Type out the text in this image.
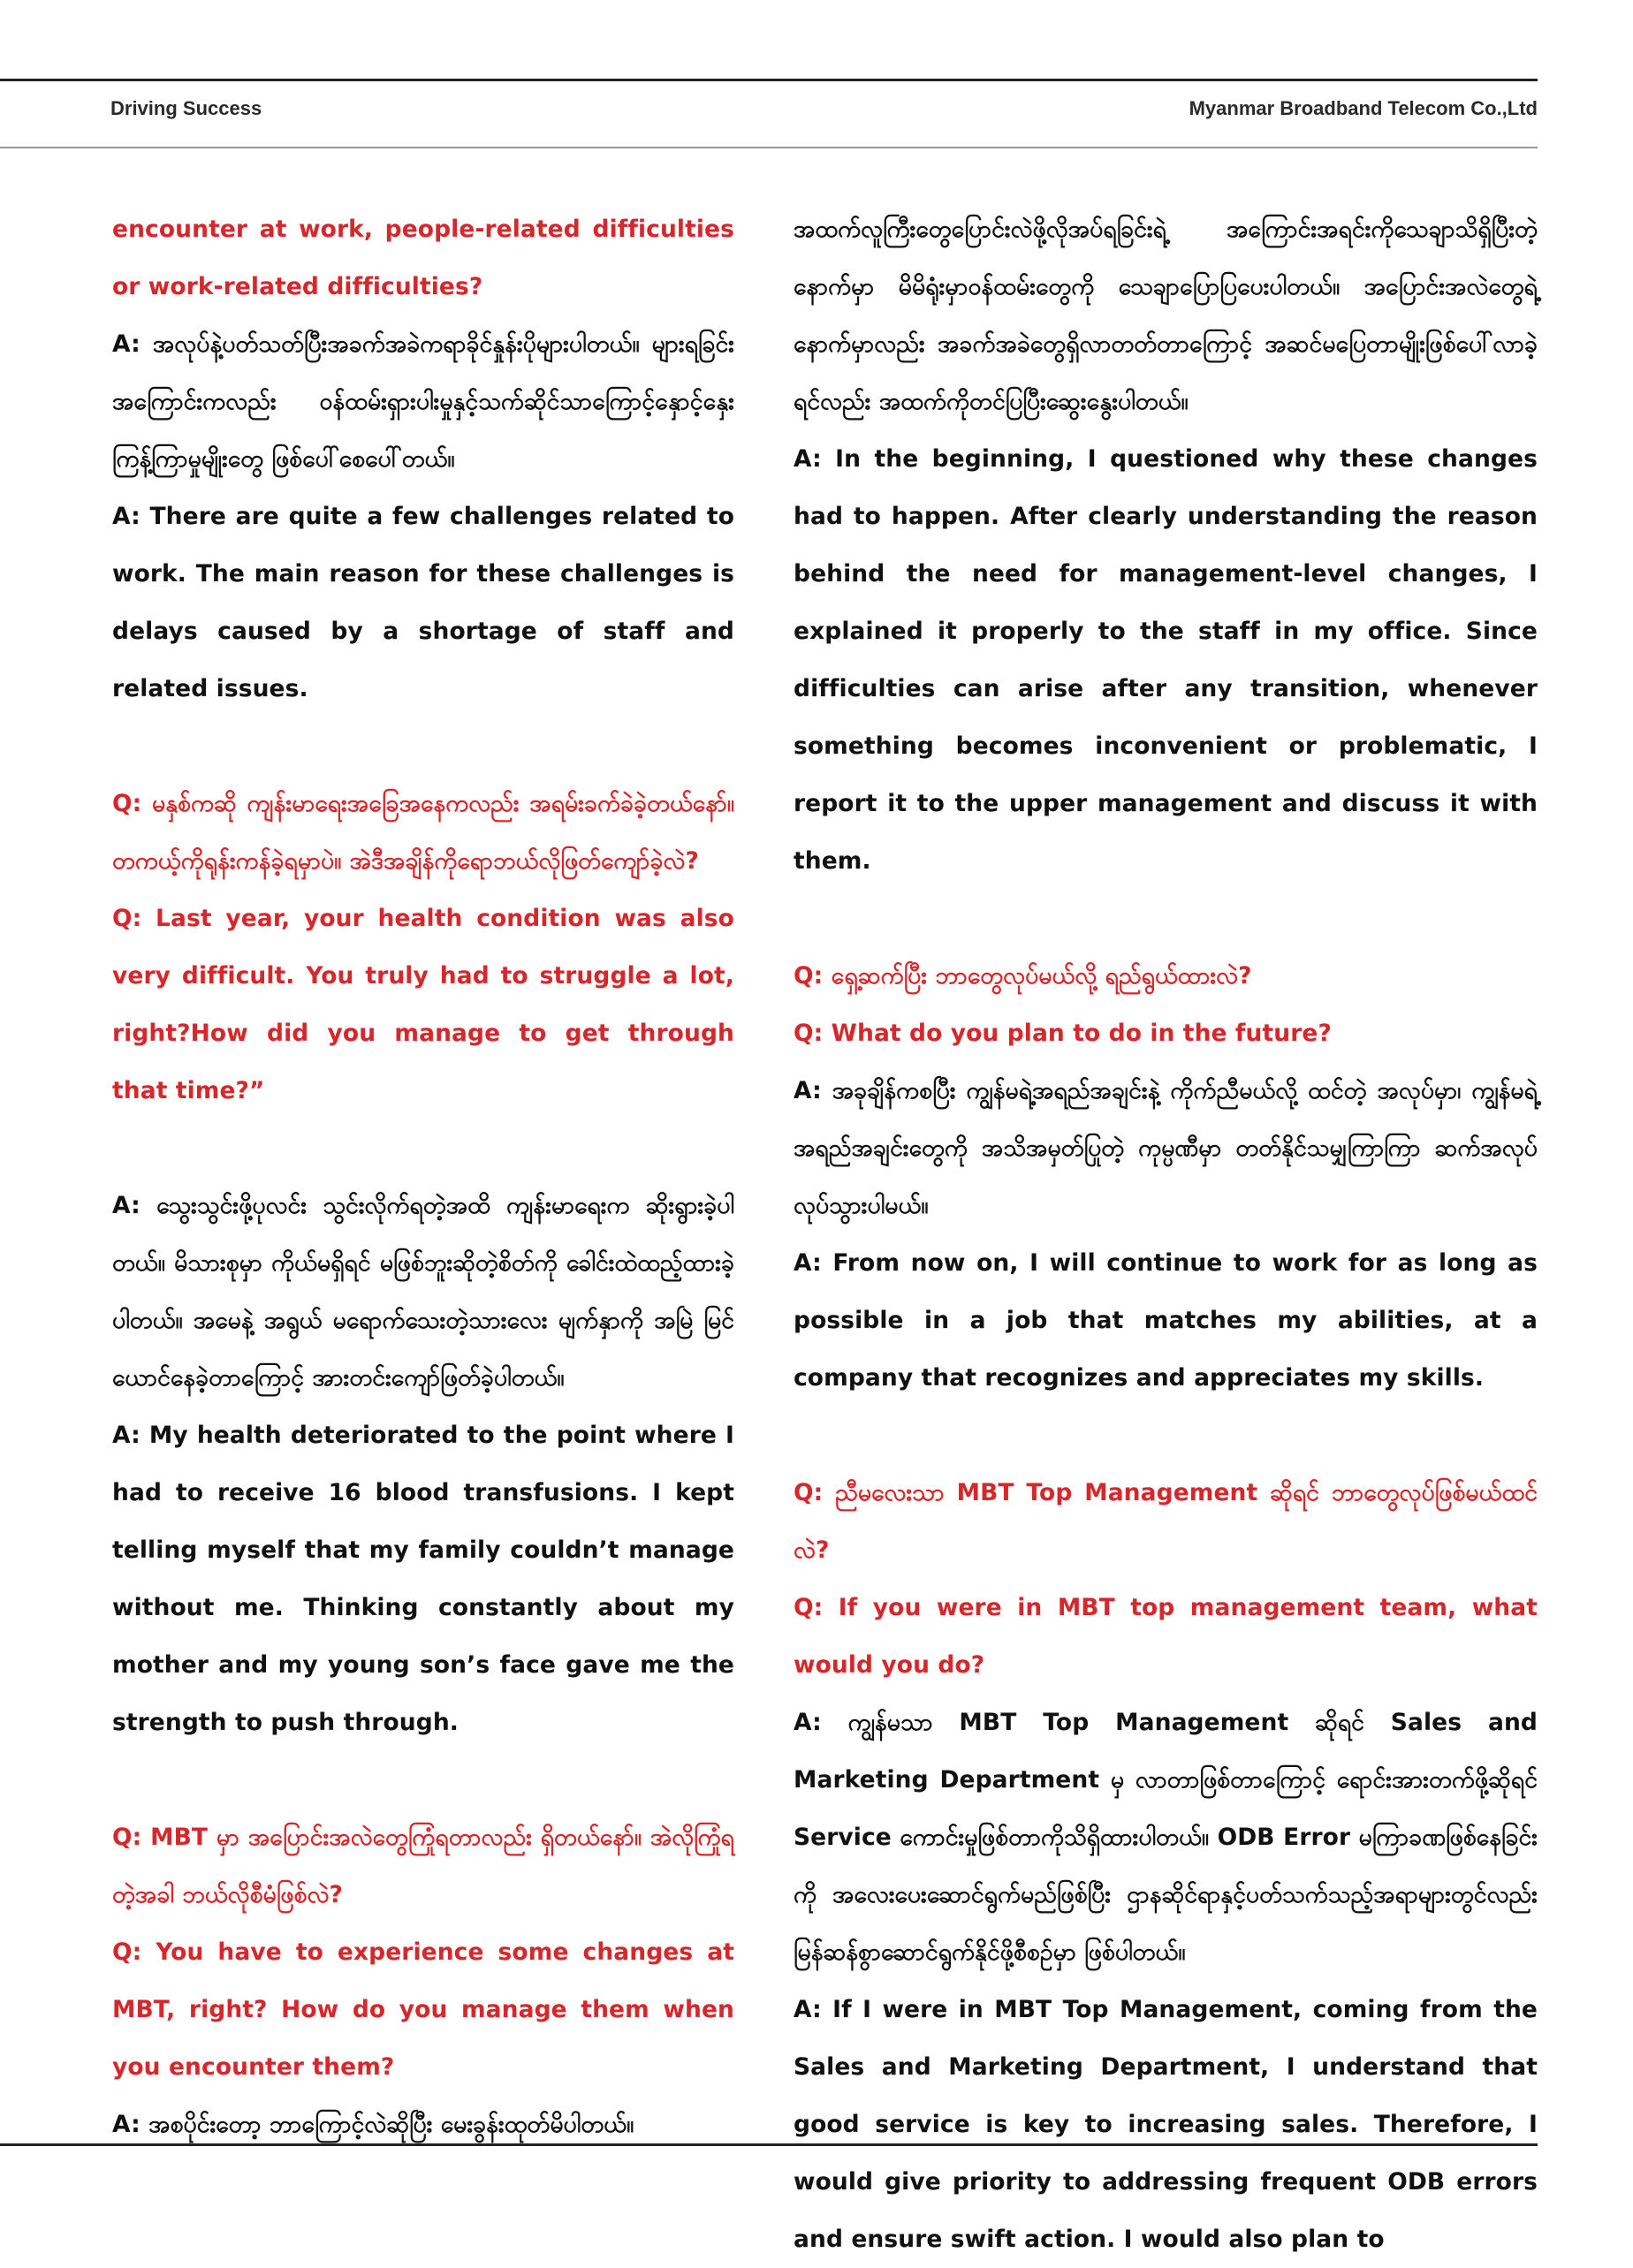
Driving Success	Myanmar Broadband Telecom Co.,Ltd

encounter at work, people-related difficulties or work-related difficulties?

A: အလုပ်နဲ့ပတ်သတ်ပြီးအခက်အခဲကရာခိုင်နှုန်းပိုများပါတယ်။ များရခြင်းအကြောင်းကလည်း ဝန်ထမ်းရှားပါးမှုနှင့်သက်ဆိုင်သာကြောင့်နှောင့်နှေးကြန့်ကြာမှုမျိုးတွေ ဖြစ်ပေါ်စေပေါ်တယ်။

A: There are quite a few challenges related to work. The main reason for these challenges is delays caused by a shortage of staff and related issues.

Q: မနှစ်ကဆို ကျန်းမာရေးအခြေအနေကလည်း အရမ်းခက်ခဲခဲ့တယ်နော်။တကယ့်ကိုရုန်းကန်ခဲ့ရမှာပဲ။ အဲဒီအချိန်ကိုရောဘယ်လိုဖြတ်ကျော်ခဲ့လဲ?

Q: Last year, your health condition was also very difficult. You truly had to struggle a lot, right?How did you manage to get through that time?”

A: သွေးသွင်းဖို့ပုလင်း သွင်းလိုက်ရတဲ့အထိ ကျန်းမာရေးက ဆိုးရွားခဲ့ပါတယ်။ မိသားစုမှာ ကိုယ်မရှိရင် မဖြစ်ဘူးဆိုတဲ့စိတ်ကို ခေါင်းထဲထည့်ထားခဲ့ပါတယ်။ အမေနဲ့ အရွယ် မရောက်သေးတဲ့သားလေး မျက်နှာကို အမြဲ မြင်ယောင်နေခဲ့တာကြောင့် အားတင်းကျော်ဖြတ်ခဲ့ပါတယ်။

A: My health deteriorated to the point where I had to receive 16 blood transfusions. I kept telling myself that my family couldn’t manage without me. Thinking constantly about my mother and my young son’s face gave me the strength to push through.

Q: MBT မှာ အပြောင်းအလဲတွေကြုံရတာလည်း ရှိတယ်နော်။ အဲလိုကြုံရတဲ့အခါ ဘယ်လိုစီမံဖြစ်လဲ?

Q: You have to experience some changes at MBT, right? How do you manage them when you encounter them?

A: အစပိုင်းတော့ ဘာကြောင့်လဲဆိုပြီး မေးခွန်းထုတ်မိပါတယ်။

အထက်လူကြီးတွေပြောင်းလဲဖို့လိုအပ်ရခြင်းရဲ့ အကြောင်းအရင်းကိုသေချာသိရှိပြီးတဲ့နောက်မှာ မိမိရုံးမှာဝန်ထမ်းတွေကို သေချာပြောပြပေးပါတယ်။ အပြောင်းအလဲတွေရဲ့နောက်မှာလည်း အခက်အခဲတွေရှိလာတတ်တာကြောင့် အဆင်မပြေတာမျိုးဖြစ်ပေါ်လာခဲ့ရင်လည်း အထက်ကိုတင်ပြပြီးဆွေးနွေးပါတယ်။

A: In the beginning, I questioned why these changes had to happen. After clearly understanding the reason behind the need for management-level changes, I explained it properly to the staff in my office. Since difficulties can arise after any transition, whenever something becomes inconvenient or problematic, I report it to the upper management and discuss it with them.

Q: ရှေ့ဆက်ပြီး ဘာတွေလုပ်မယ်လို့ ရည်ရွယ်ထားလဲ?

Q: What do you plan to do in the future?

A: အခုချိန်ကစပြီး ကျွန်မရဲ့အရည်အချင်းနဲ့ ကိုက်ညီမယ်လို့ ထင်တဲ့ အလုပ်မှာ၊ ကျွန်မရဲ့ အရည်အချင်းတွေကို အသိအမှတ်ပြုတဲ့ ကုမ္ပဏီမှာ တတ်နိုင်သမျှကြာကြာ ဆက်အလုပ်လုပ်သွားပါမယ်။

A: From now on, I will continue to work for as long as possible in a job that matches my abilities, at a company that recognizes and appreciates my skills.

Q: ညီမလေးသာ MBT Top Management ဆိုရင် ဘာတွေလုပ်ဖြစ်မယ်ထင်လဲ?

Q: If you were in MBT top management team, what would you do?

A: ကျွန်မသာ MBT Top Management ဆိုရင် Sales and Marketing Department မှ လာတာဖြစ်တာကြောင့် ရောင်းအားတက်ဖို့ဆိုရင် Service ကောင်းမှုဖြစ်တာကိုသိရှိထားပါတယ်။ ODB Error မကြာခဏဖြစ်နေခြင်းကို အလေးပေးဆောင်ရွက်မည်ဖြစ်ပြီး ဌာနဆိုင်ရာနှင့်ပတ်သက်သည့်အရာများတွင်လည်း မြန်ဆန်စွာဆောင်ရွက်နိုင်ဖို့စီစဉ်မှာ ဖြစ်ပါတယ်။

A: If I were in MBT Top Management, coming from the Sales and Marketing Department, I understand that good service is key to increasing sales. Therefore, I would give priority to addressing frequent ODB errors and ensure swift action. I would also plan to
